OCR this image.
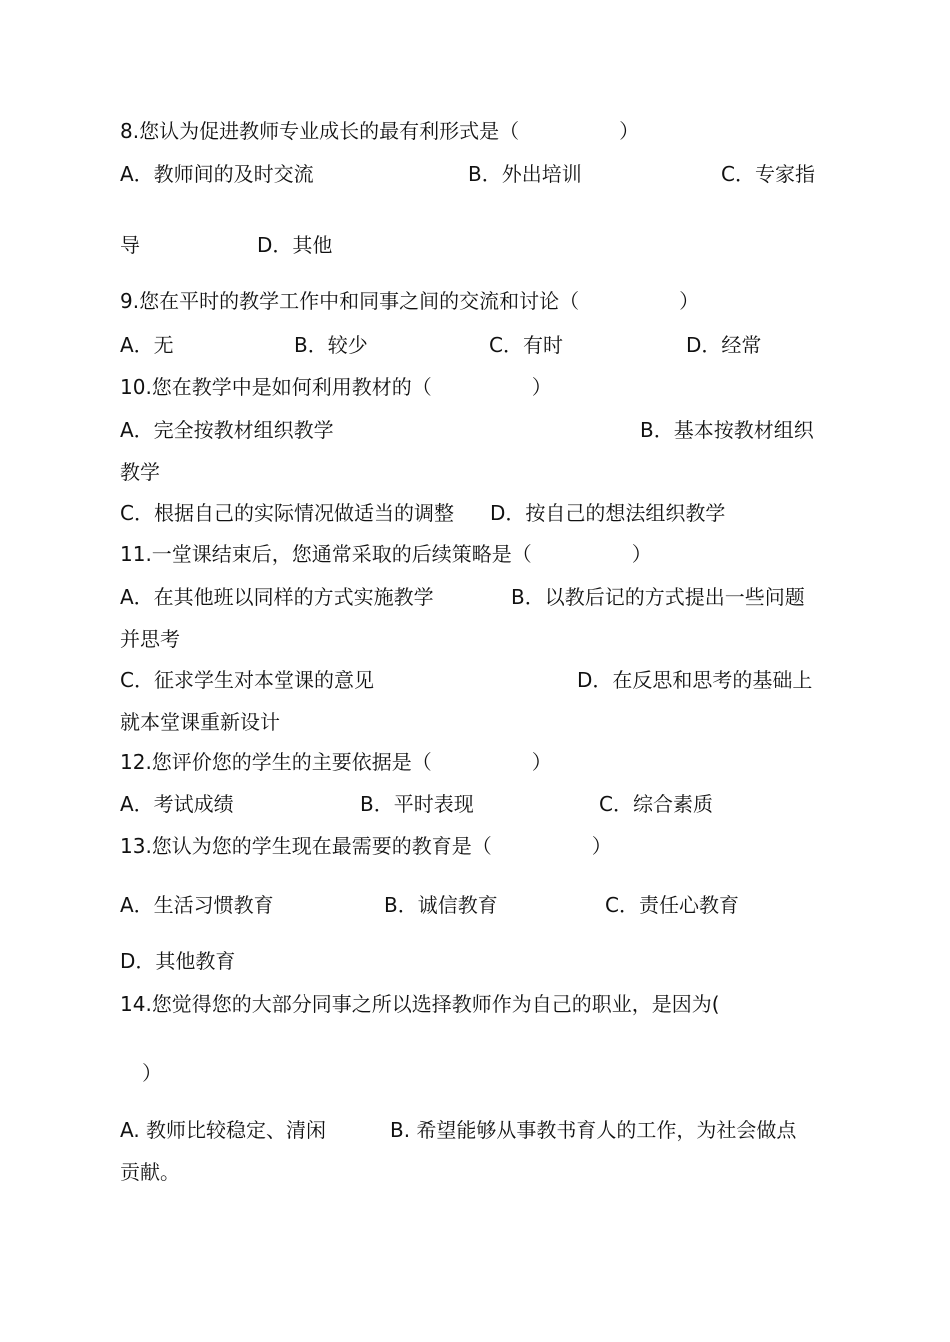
8.您认为促进教师专业成长的最有利形式是（　　　　　）
A．教师间的及时交流	B．外出培训	C．专家指
导	D．其他
9.您在平时的教学工作中和同事之间的交流和讨论（　　　　　）
A．无	B．较少	C．有时	D．经常
10.您在教学中是如何利用教材的（　　　　　）
A．完全按教材组织教学	B．基本按教材组织
教学
C．根据自己的实际情况做适当的调整 D．按自己的想法组织教学
11.一堂课结束后，您通常采取的后续策略是（　　　　　）
A．在其他班以同样的方式实施教学	B．以教后记的方式提出一些问题
并思考
C．征求学生对本堂课的意见	D．在反思和思考的基础上
就本堂课重新设计
12.您评价您的学生的主要依据是（　　　　　）
A．考试成绩	B．平时表现	C．综合素质
13.您认为您的学生现在最需要的教育是（　　　　　）
A．生活习惯教育	B．诚信教育	C．责任心教育
D．其他教育
14.您觉得您的大部分同事之所以选择教师作为自己的职业，是因为(
）
A. 教师比较稳定、清闲	B. 希望能够从事教书育人的工作，为社会做点
贡献。
